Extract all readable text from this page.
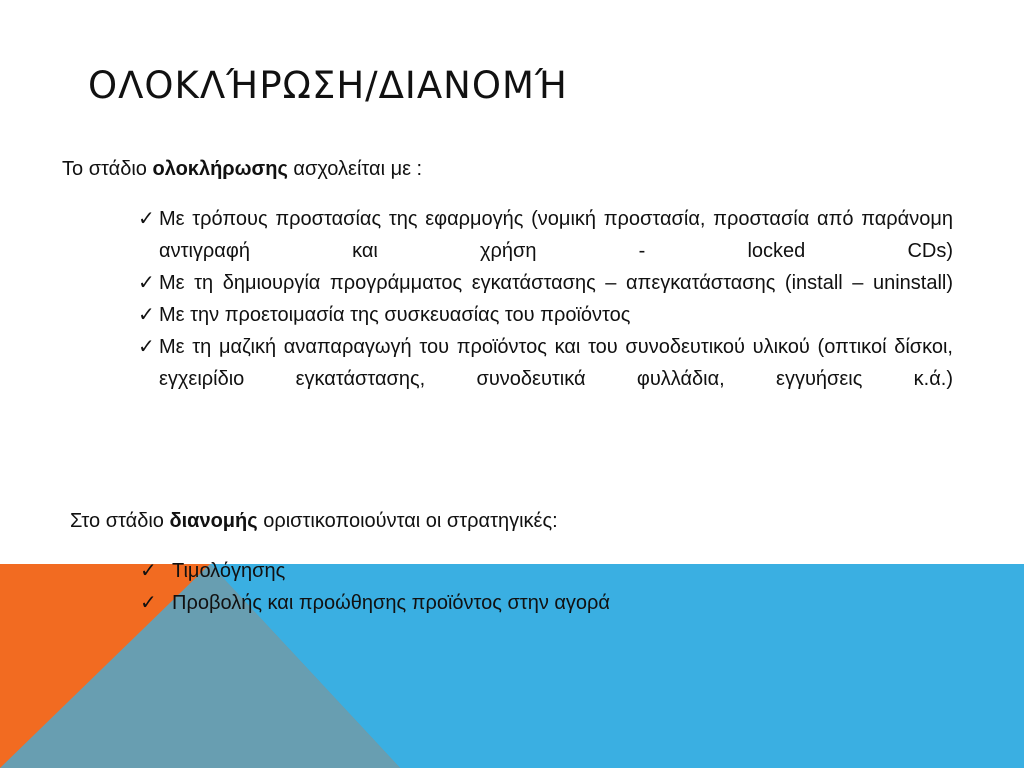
ΟΛΟΚΛΉΡΩΣΗ/ΔΙΑΝΟΜΉ
Το στάδιο ολοκλήρωσης ασχολείται με :
✓ Με τρόπους προστασίας της εφαρμογής (νομική προστασία, προστασία από παράνομη αντιγραφή και χρήση - locked CDs)
✓ Με τη δημιουργία προγράμματος εγκατάστασης – απεγκατάστασης (install – uninstall)
✓ Με την προετοιμασία της συσκευασίας του προϊόντος
✓ Με τη μαζική αναπαραγωγή του προϊόντος και του συνοδευτικού υλικού (οπτικοί δίσκοι, εγχειρίδιο εγκατάστασης, συνοδευτικά φυλλάδια, εγγυήσεις κ.ά.)
Στο στάδιο διανομής οριστικοποιούνται οι στρατηγικές:
✓ Τιμολόγησης
✓ Προβολής και προώθησης προϊόντος στην αγορά
